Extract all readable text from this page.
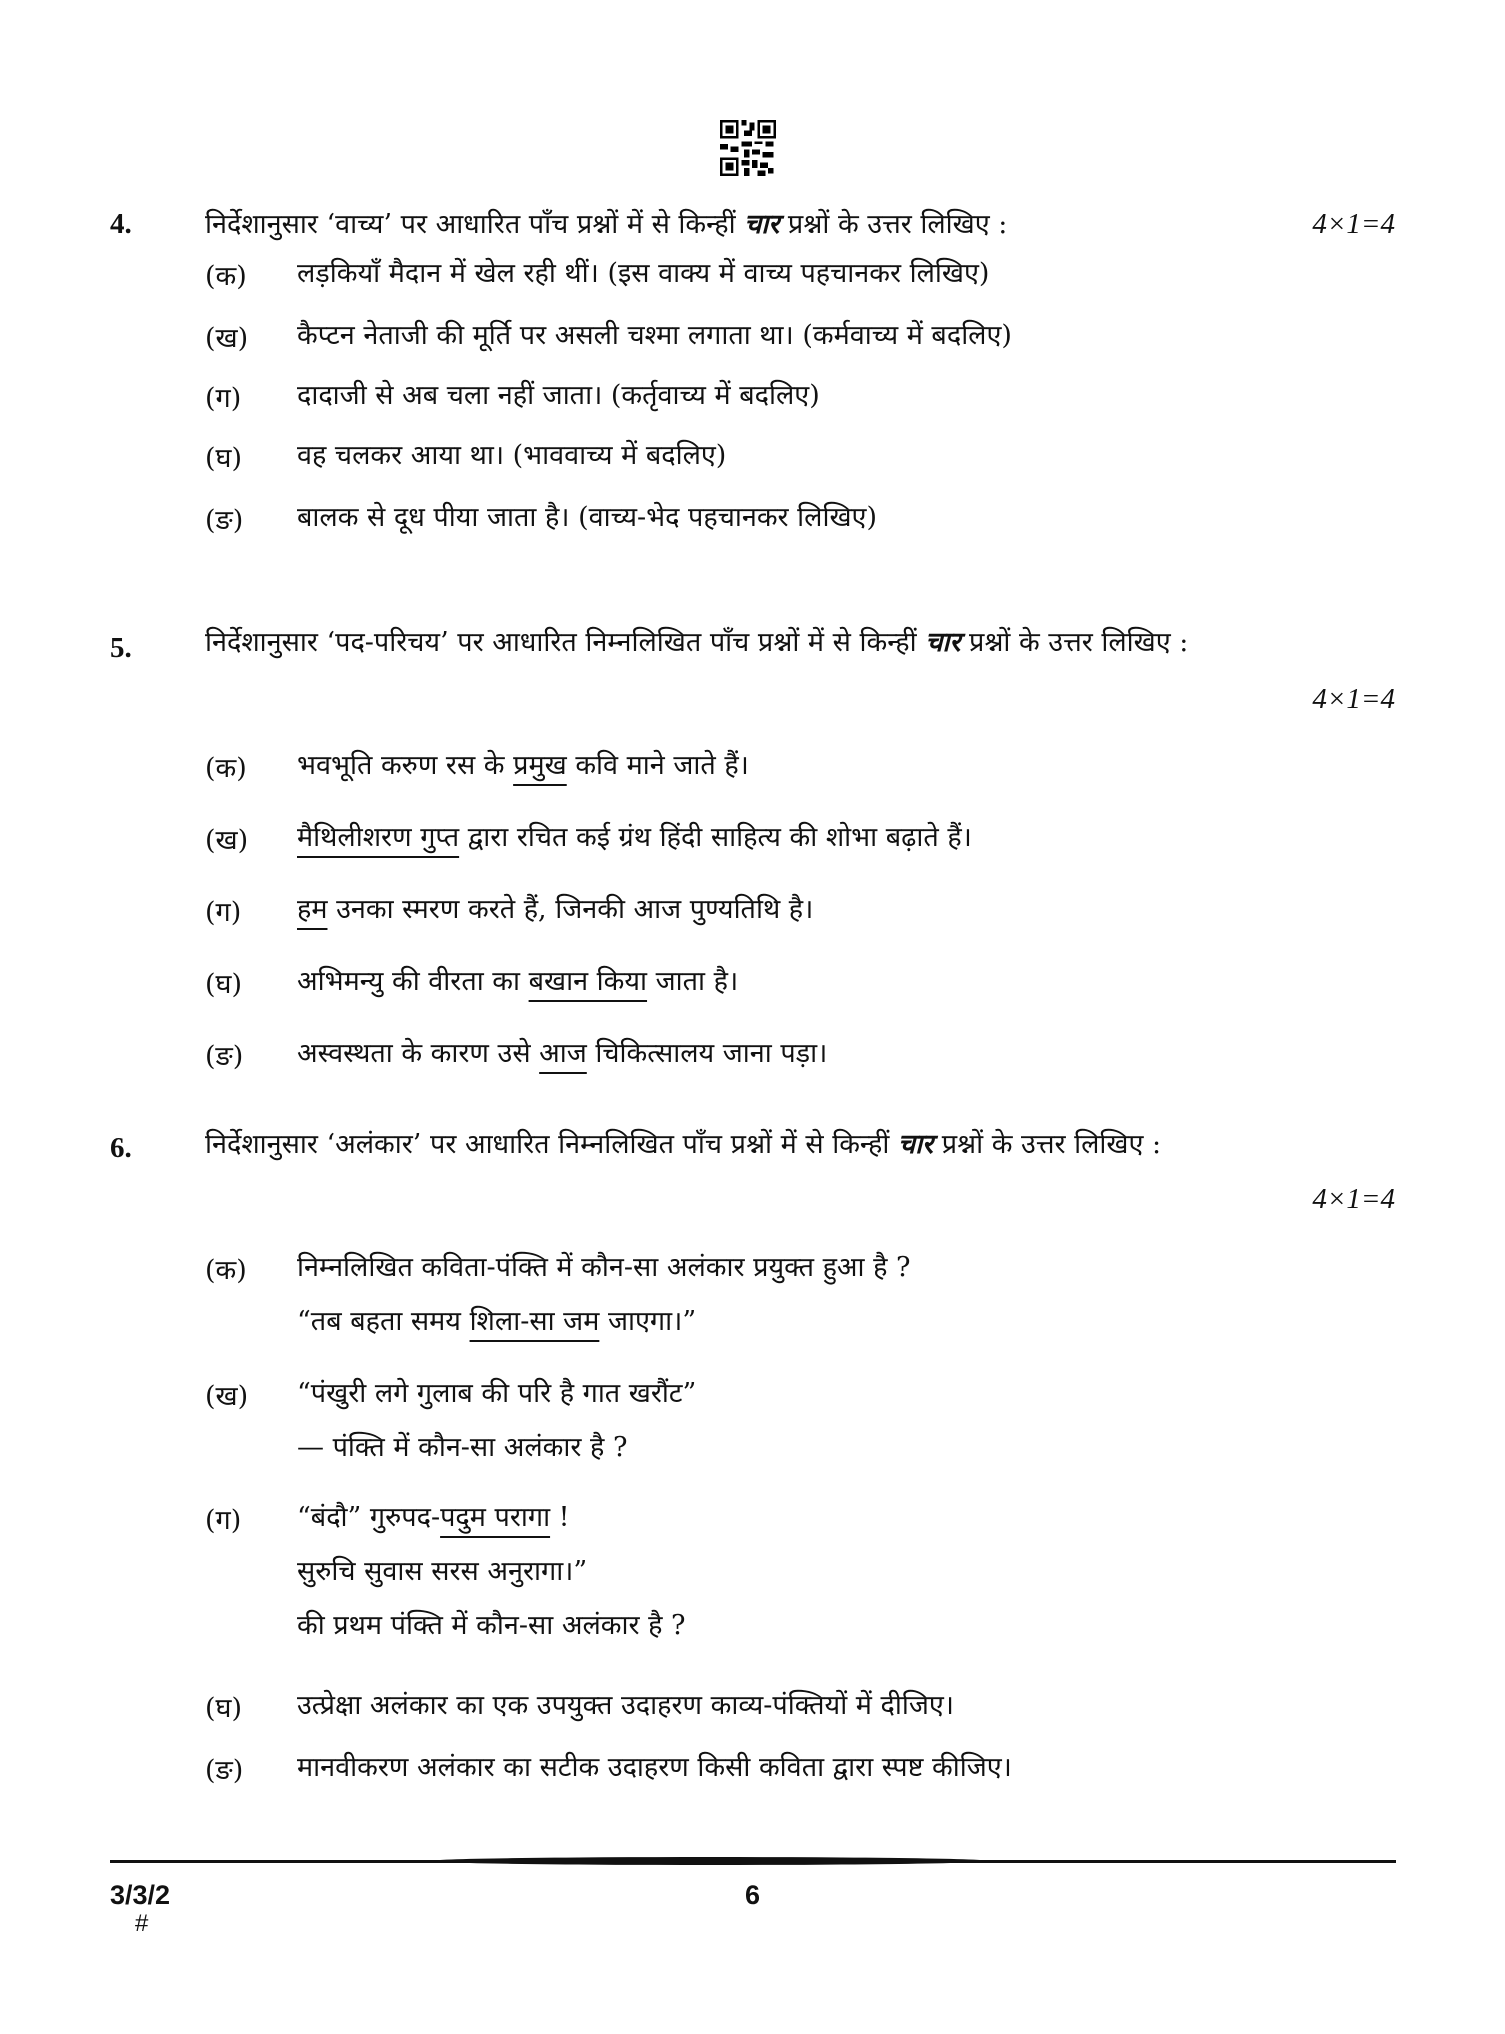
4.	निर्देशानुसार ‘वाच्य’ पर आधारित पाँच प्रश्नों में से किन्हीं चार प्रश्नों के उत्तर लिखिए :	4×1=4
(क) लड़कियाँ मैदान में खेल रही थीं। (इस वाक्य में वाच्य पहचानकर लिखिए)
(ख) कैप्टन नेताजी की मूर्ति पर असली चश्मा लगाता था। (कर्मवाच्य में बदलिए)
(ग) दादाजी से अब चला नहीं जाता। (कर्तृवाच्य में बदलिए)
(घ) वह चलकर आया था। (भाववाच्य में बदलिए)
(ङ) बालक से दूध पीया जाता है। (वाच्य-भेद पहचानकर लिखिए)
5.	निर्देशानुसार ‘पद-परिचय’ पर आधारित निम्नलिखित पाँच प्रश्नों में से किन्हीं चार प्रश्नों के उत्तर लिखिए :
4×1=4
(क) भवभूति करुण रस के प्रमुख कवि माने जाते हैं।
(ख) मैथिलीशरण गुप्त द्वारा रचित कई ग्रंथ हिंदी साहित्य की शोभा बढ़ाते हैं।
(ग) हम उनका स्मरण करते हैं, जिनकी आज पुण्यतिथि है।
(घ) अभिमन्यु की वीरता का बखान किया जाता है।
(ङ) अस्वस्थता के कारण उसे आज चिकित्सालय जाना पड़ा।
6.	निर्देशानुसार ‘अलंकार’ पर आधारित निम्नलिखित पाँच प्रश्नों में से किन्हीं चार प्रश्नों के उत्तर लिखिए :
4×1=4
(क) निम्नलिखित कविता-पंक्ति में कौन-सा अलंकार प्रयुक्त हुआ है ?
“तब बहता समय शिला-सा जम जाएगा।”
(ख) “पंखुरी लगे गुलाब की परि है गात खरौंट”
— पंक्ति में कौन-सा अलंकार है ?
(ग) “बंदौ” गुरुपद-पदुम परागा !
सुरुचि सुवास सरस अनुरागा।”
की प्रथम पंक्ति में कौन-सा अलंकार है ?
(घ) उत्प्रेक्षा अलंकार का एक उपयुक्त उदाहरण काव्य-पंक्तियों में दीजिए।
(ङ) मानवीकरण अलंकार का सटीक उदाहरण किसी कविता द्वारा स्पष्ट कीजिए।
3/3/2
#
6
